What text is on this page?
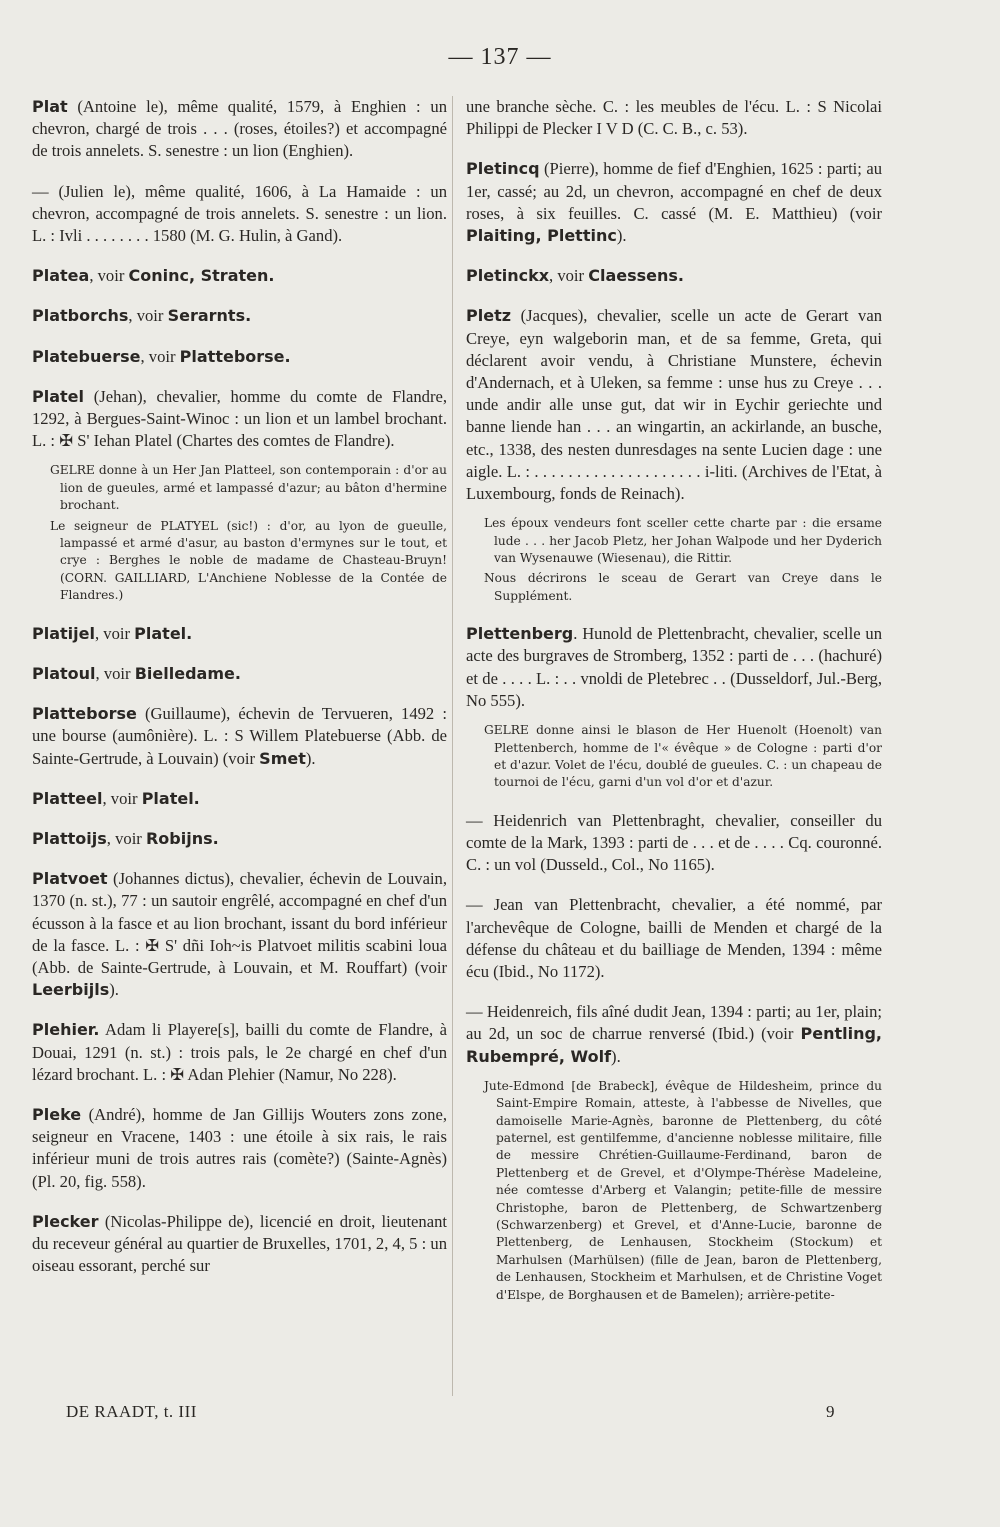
— 137 —
Plat (Antoine le), même qualité, 1579, à Enghien : un chevron, chargé de trois . . . (roses, étoiles?) et accompagné de trois annelets. S. senestre : un lion (Enghien).
— (Julien le), même qualité, 1606, à La Hamaide : un chevron, accompagné de trois annelets. S. senestre : un lion. L. : Ivli . . . . . . . . 1580 (M. G. Hulin, à Gand).
Platea, voir Coninc, Straten.
Platborchs, voir Serarnts.
Platebuerse, voir Platteborse.
Platel (Jehan), chevalier, homme du comte de Flandre, 1292, à Bergues-Saint-Winoc : un lion et un lambel brochant. L. : ✠ S' Iehan Platel (Chartes des comtes de Flandre).

GELRE donne à un Her Jan Platteel, son contemporain : d'or au lion de gueules, armé et lampassé d'azur; au bâton d'hermine brochant.

Le seigneur de PLATYEL (sic!) : d'or, au lyon de gueulle, lampassé et armé d'asur, au baston d'ermynes sur le tout, et crye : Berghes le noble de madame de Chasteau-Bruyn! (CORN. GAILLIARD, L'Anchiene Noblesse de la Contée de Flandres.)

Platijel, voir Platel.
Platoul, voir Bielledame.
Platteborse (Guillaume), échevin de Tervueren, 1492 : une bourse (aumônière). L. : S Willem Platebuerse (Abb. de Sainte-Gertrude, à Louvain) (voir Smet).
Platteel, voir Platel.
Plattoijs, voir Robijns.
Platvoet (Johannes dictus), chevalier, échevin de Louvain, 1370 (n. st.), 77 : un sautoir engrêlé, accompagné en chef d'un écusson à la fasce et au lion brochant, issant du bord inférieur de la fasce. L. : ✠ S' dñi Ioh~is Platvoet militis scabini loua (Abb. de Sainte-Gertrude, à Louvain, et M. Rouffart) (voir Leerbijls).
Plehier. Adam li Playere[s], bailli du comte de Flandre, à Douai, 1291 (n. st.) : trois pals, le 2e chargé en chef d'un lézard brochant. L. : ✠ Adan Plehier (Namur, No 228).
Pleke (André), homme de Jan Gillijs Wouters zons zone, seigneur en Vracene, 1403 : une étoile à six rais, le rais inférieur muni de trois autres rais (comète?) (Sainte-Agnès) (Pl. 20, fig. 558).
Plecker (Nicolas-Philippe de), licencié en droit, lieutenant du receveur général au quartier de Bruxelles, 1701, 2, 4, 5 : un oiseau essorant, perché sur
une branche sèche. C. : les meubles de l'écu. L. : S Nicolai Philippi de Plecker I V D (C. C. B., c. 53).
Pletincq (Pierre), homme de fief d'Enghien, 1625 : parti; au 1er, cassé; au 2d, un chevron, accompagné en chef de deux roses, à six feuilles. C. cassé (M. E. Matthieu) (voir Plaiting, Plettinc).
Pletinckx, voir Claessens.
Pletz (Jacques), chevalier, scelle un acte de Gerart van Creye, eyn walgeborin man, et de sa femme, Greta, qui déclarent avoir vendu, à Christiane Munstere, échevin d'Andernach, et à Uleken, sa femme : unse hus zu Creye . . . unde andir alle unse gut, dat wir in Eychir geriechte und banne liende han . . . an wingartin, an ackirlande, an busche, etc., 1338, des nesten dunresdages na sente Lucien dage : une aigle. L. : . . . . . . . . . . . . . . . . . . . . i-liti. (Archives de l'Etat, à Luxembourg, fonds de Reinach).

Les époux vendeurs font sceller cette charte par : die ersame lude . . . her Jacob Pletz, her Johan Walpode und her Dyderich van Wysenauwe (Wiesenau), die Rittir.

Nous décrirons le sceau de Gerart van Creye dans le Supplément.

Plettenberg. Hunold de Plettenbracht, chevalier, scelle un acte des burgraves de Stromberg, 1352 : parti de . . . (hachuré) et de . . . . L. : . . vnoldi de Pletebrec . . (Dusseldorf, Jul.-Berg, No 555).

GELRE donne ainsi le blason de Her Huenolt (Hoenolt) van Plettenberch, homme de l'« évêque » de Cologne : parti d'or et d'azur. Volet de l'écu, doublé de gueules. C. : un chapeau de tournoi de l'écu, garni d'un vol d'or et d'azur.

— Heidenrich van Plettenbraght, chevalier, conseiller du comte de la Mark, 1393 : parti de . . . et de . . . . Cq. couronné. C. : un vol (Dusseld., Col., No 1165).
— Jean van Plettenbracht, chevalier, a été nommé, par l'archevêque de Cologne, bailli de Menden et chargé de la défense du château et du bailliage de Menden, 1394 : même écu (Ibid., No 1172).
— Heidenreich, fils aîné dudit Jean, 1394 : parti; au 1er, plain; au 2d, un soc de charrue renversé (Ibid.) (voir Pentling, Rubempré, Wolf).

Jute-Edmond [de Brabeck], évêque de Hildesheim, prince du Saint-Empire Romain, atteste, à l'abbesse de Nivelles, que damoiselle Marie-Agnès, baronne de Plettenberg, du côté paternel, est gentilfemme, d'ancienne noblesse militaire, fille de messire Chrétien-Guillaume-Ferdinand, baron de Plettenberg et de Grevel, et d'Olympe-Thérèse Madeleine, née comtesse d'Arberg et Valangin; petite-fille de messire Christophe, baron de Plettenberg, de Schwartzenberg (Schwarzenberg) et Grevel, et d'Anne-Lucie, baronne de Plettenberg, de Lenhausen, Stockheim (Stockum) et Marhulsen (Marhülsen) (fille de Jean, baron de Plettenberg, de Lenhausen, Stockheim et Marhulsen, et de Christine Voget d'Elspe, de Borghausen et de Bamelen); arrière-petite-

DE RAADT, t. III	9
